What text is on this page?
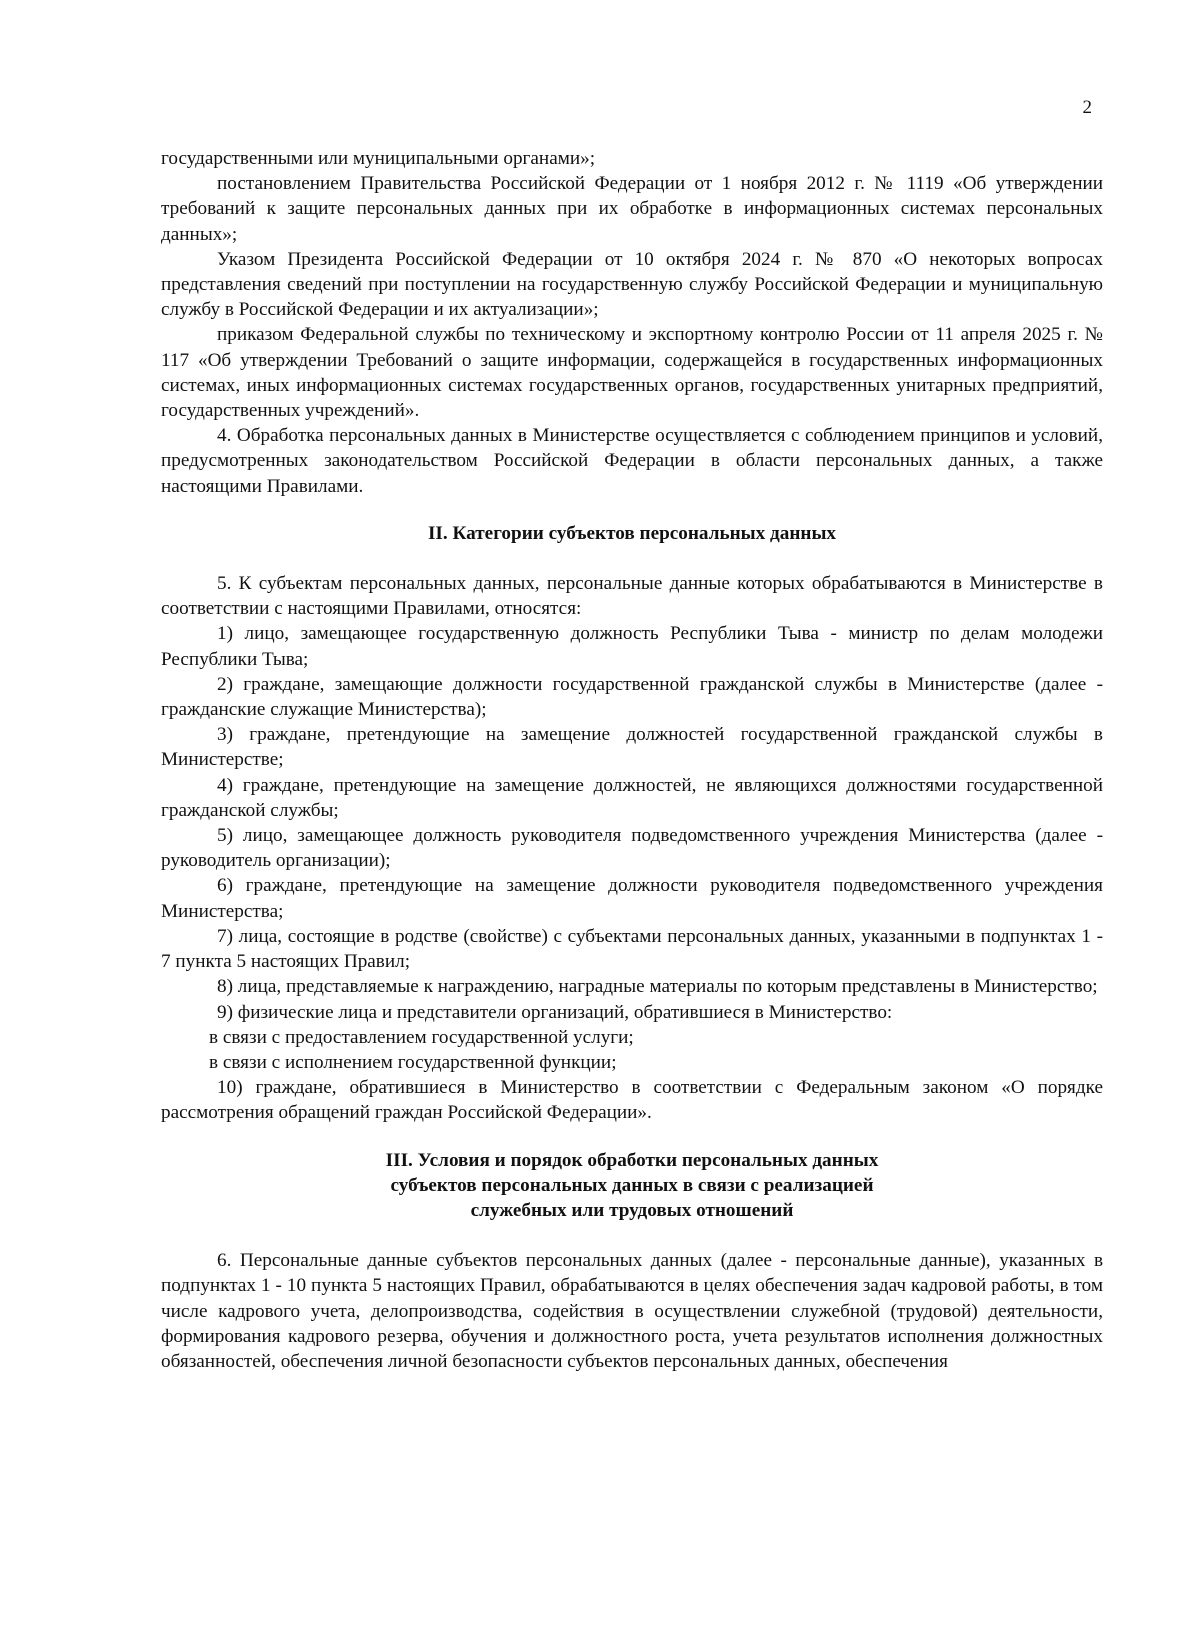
2

государственными или муниципальными органами»;

постановлением Правительства Российской Федерации от 1 ноября 2012 г. № 1119 «Об утверждении требований к защите персональных данных при их обработке в информационных системах персональных данных»;

Указом Президента Российской Федерации от 10 октября 2024 г. № 870 «О некоторых вопросах представления сведений при поступлении на государственную службу Российской Федерации и муниципальную службу в Российской Федерации и их актуализации»;

приказом Федеральной службы по техническому и экспортному контролю России от 11 апреля 2025 г. № 117 «Об утверждении Требований о защите информации, содержащейся в государственных информационных системах, иных информационных системах государственных органов, государственных унитарных предприятий, государственных учреждений».

4. Обработка персональных данных в Министерстве осуществляется с соблюдением принципов и условий, предусмотренных законодательством Российской Федерации в области персональных данных, а также настоящими Правилами.

II. Категории субъектов персональных данных

5. К субъектам персональных данных, персональные данные которых обрабатываются в Министерстве в соответствии с настоящими Правилами, относятся:

1) лицо, замещающее государственную должность Республики Тыва - министр по делам молодежи Республики Тыва;

2) граждане, замещающие должности государственной гражданской службы в Министерстве (далее - гражданские служащие Министерства);

3) граждане, претендующие на замещение должностей государственной гражданской службы в Министерстве;

4) граждане, претендующие на замещение должностей, не являющихся должностями государственной гражданской службы;

5) лицо, замещающее должность руководителя подведомственного учреждения Министерства (далее - руководитель организации);

6) граждане, претендующие на замещение должности руководителя подведомственного учреждения Министерства;

7) лица, состоящие в родстве (свойстве) с субъектами персональных данных, указанными в подпунктах 1 - 7 пункта 5 настоящих Правил;

8) лица, представляемые к награждению, наградные материалы по которым представлены в Министерство;

9) физические лица и представители организаций, обратившиеся в Министерство:

в связи с предоставлением государственной услуги;

в связи с исполнением государственной функции;

10) граждане, обратившиеся в Министерство в соответствии с Федеральным законом «О порядке рассмотрения обращений граждан Российской Федерации».

III. Условия и порядок обработки персональных данных
субъектов персональных данных в связи с реализацией
служебных или трудовых отношений

6. Персональные данные субъектов персональных данных (далее - персональные данные), указанных в подпунктах 1 - 10 пункта 5 настоящих Правил, обрабатываются в целях обеспечения задач кадровой работы, в том числе кадрового учета, делопроизводства, содействия в осуществлении служебной (трудовой) деятельности, формирования кадрового резерва, обучения и должностного роста, учета результатов исполнения должностных обязанностей, обеспечения личной безопасности субъектов персональных данных, обеспечения
